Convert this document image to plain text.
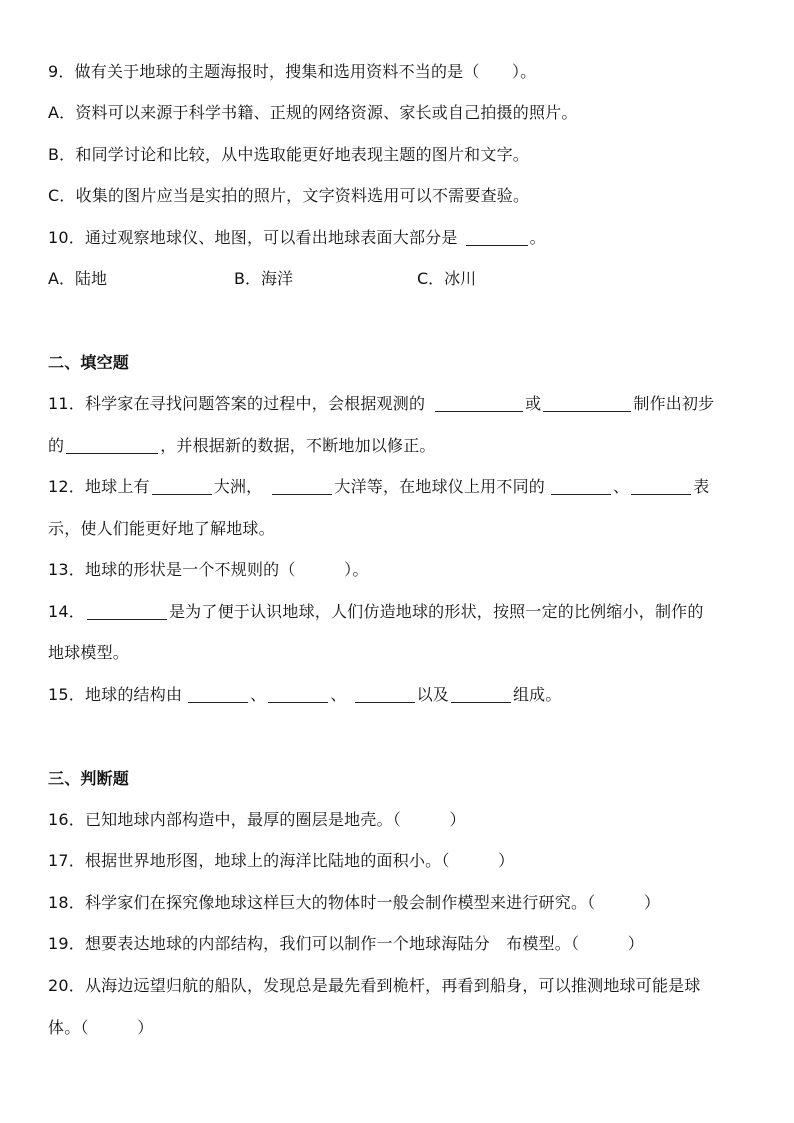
9．做有关于地球的主题海报时，搜集和选用资料不当的是（　　）。
A．资料可以来源于科学书籍、正规的网络资源、家长或自己拍摄的照片。
B．和同学讨论和比较，从中选取能更好地表现主题的图片和文字。
C．收集的图片应当是实拍的照片，文字资料选用可以不需要查验。
10．通过观察地球仪、地图，可以看出地球表面大部分是	。
A．陆地	B．海洋	C．冰川
二、填空题
11．科学家在寻找问题答案的过程中，会根据观测的	或	制作出初步
的	，并根据新的数据，不断地加以修正。
12．地球上有	大洲，	大洋等，在地球仪上用不同的	、	表
示，使人们能更好地了解地球。
13．地球的形状是一个不规则的（　　　）。
14．	是为了便于认识地球，人们仿造地球的形状，按照一定的比例缩小，制作的
地球模型。
15．地球的结构由	、	、	以及	组成。
三、判断题
16．已知地球内部构造中，最厚的圈层是地壳。（　　　）
17．根据世界地形图，地球上的海洋比陆地的面积小。（　　　）
18．科学家们在探究像地球这样巨大的物体时一般会制作模型来进行研究。（　　　）
19．想要表达地球的内部结构，我们可以制作一个地球海陆分　布模型。（　　　）
20．从海边远望归航的船队，发现总是最先看到桅杆，再看到船身，可以推测地球可能是球
体。（　　　）
